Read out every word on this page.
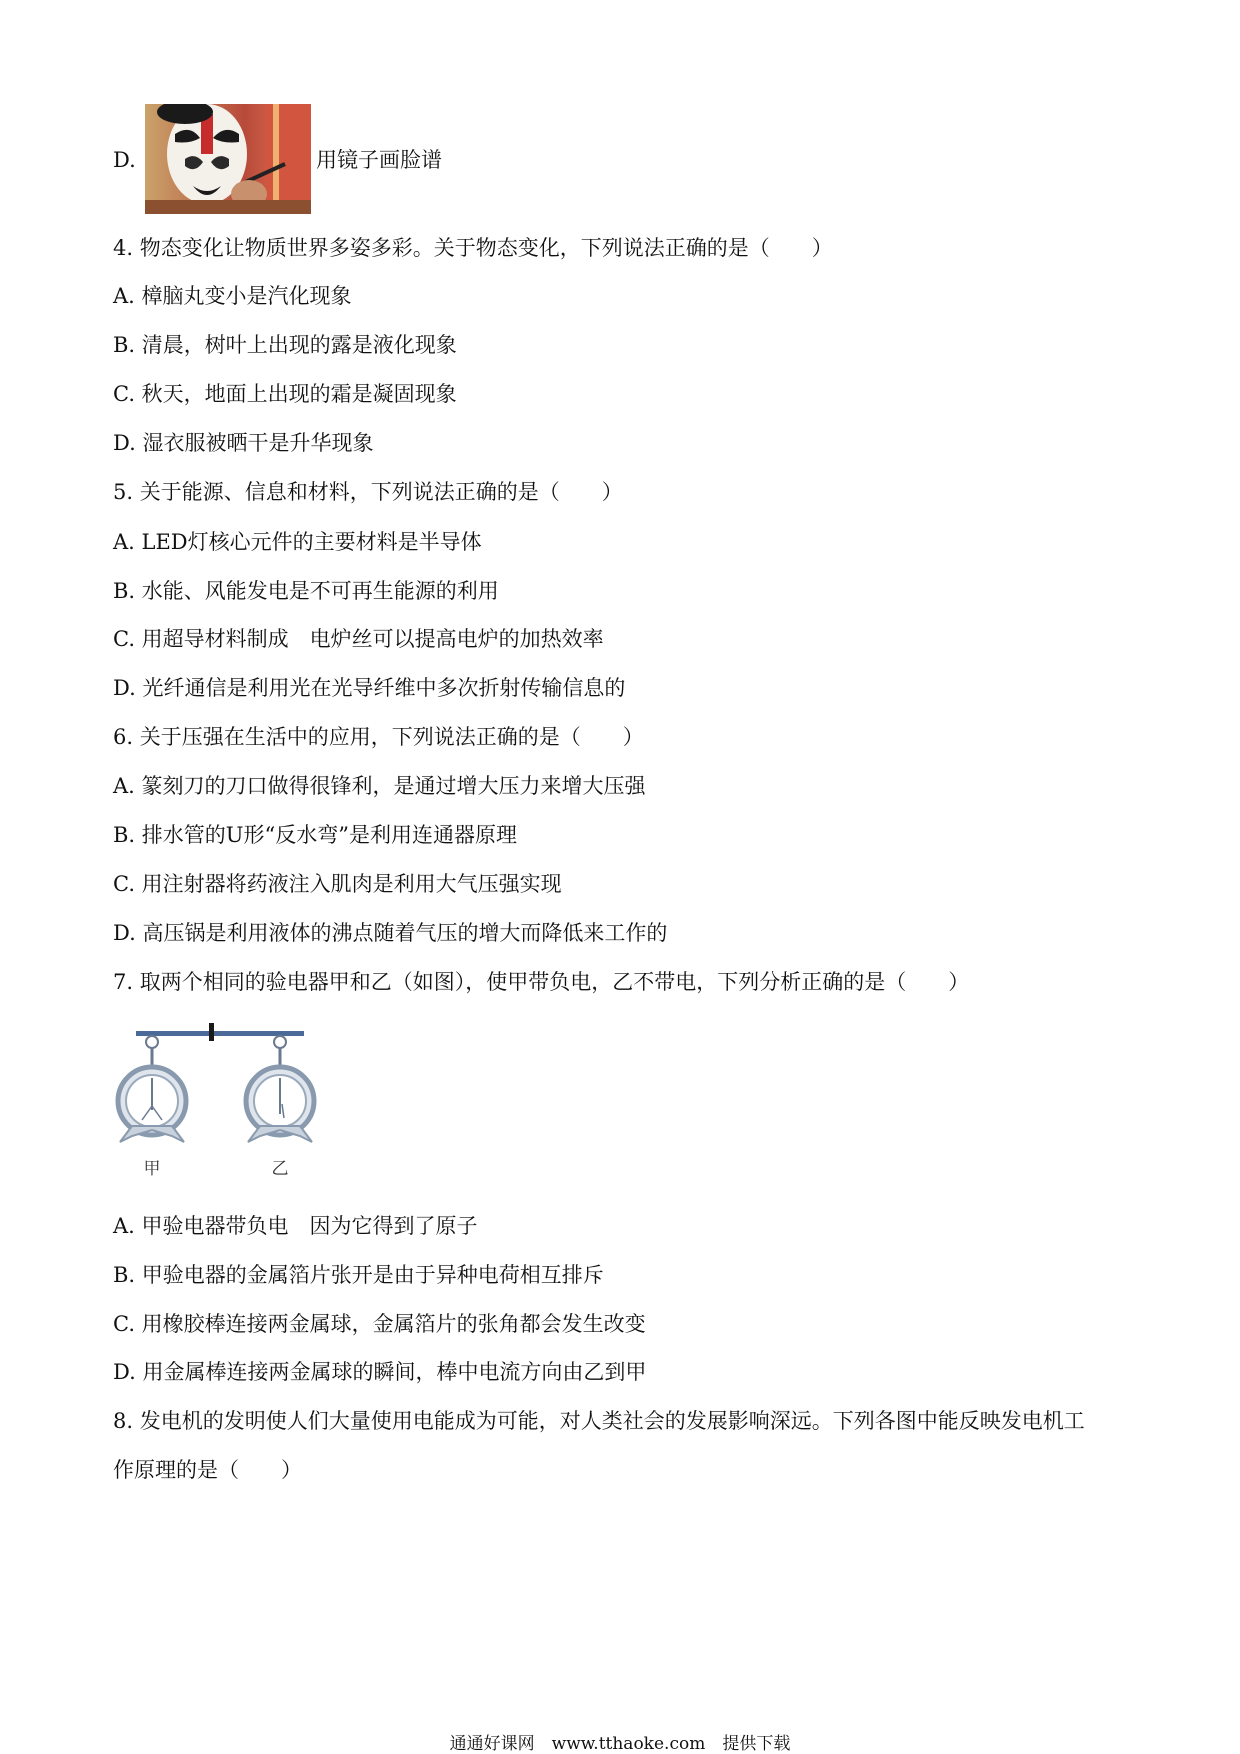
D.	用镜子画脸谱
4. 物态变化让物质世界多姿多彩。关于物态变化，下列说法正确的是（　　）
A. 樟脑丸变小是汽化现象
B. 清晨，树叶上出现的露是液化现象
C. 秋天，地面上出现的霜是凝固现象
D. 湿衣服被晒干是升华现象
5. 关于能源、信息和材料，下列说法正确的是（　　）
A. LED灯核心元件的主要材料是半导体
B. 水能、风能发电是不可再生能源的利用
C. 用超导材料制成　电炉丝可以提高电炉的加热效率
D. 光纤通信是利用光在光导纤维中多次折射传输信息的
6. 关于压强在生活中的应用，下列说法正确的是（　　）
A. 篆刻刀的刀口做得很锋利，是通过增大压力来增大压强
B. 排水管的U形“反水弯”是利用连通器原理
C. 用注射器将药液注入肌肉是利用大气压强实现
D. 高压锅是利用液体的沸点随着气压的增大而降低来工作的
7. 取两个相同的验电器甲和乙（如图），使甲带负电，乙不带电，下列分析正确的是（　　）
甲	乙
A. 甲验电器带负电　因为它得到了原子
B. 甲验电器的金属箔片张开是由于异种电荷相互排斥
C. 用橡胶棒连接两金属球，金属箔片的张角都会发生改变
D. 用金属棒连接两金属球的瞬间，棒中电流方向由乙到甲
8. 发电机的发明使人们大量使用电能成为可能，对人类社会的发展影响深远。下列各图中能反映发电机工
作原理的是（　　）
通通好课网　www.tthaoke.com　提供下载
